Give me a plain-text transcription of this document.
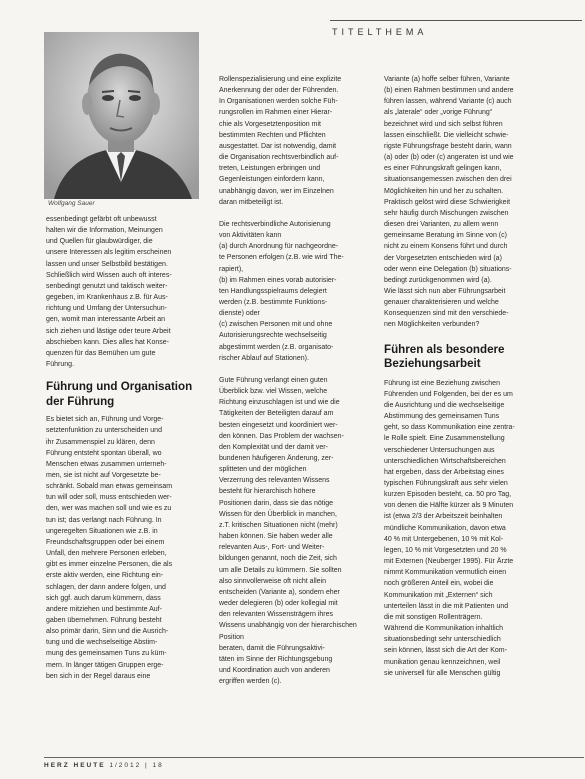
TITELTHEMA
Wolfgang Sauer

essenbedingt gefärbt oft unbewusst
halten wir die Information, Meinungen
und Quellen für glaubwürdiger, die
unsere Interessen als legitim erscheinen
lassen und unser Selbstbild bestätigen.
Schließlich wird Wissen auch oft interes-
senbedingt genutzt und taktisch weiter-
gegeben, im Krankenhaus z.B. für Aus-
richtung und Umfang der Untersuchun-
gen, womit man interessante Arbeit an
sich ziehen und lästige oder teure Arbeit
abschieben kann. Dies alles hat Konse-
quenzen für das Bemühen um gute
Führung.

Führung und Organisation
der Führung

Es bietet sich an, Führung und Vorge-
setztenfunktion zu unterscheiden und
ihr Zusammenspiel zu klären, denn
Führung entsteht spontan überall, wo
Menschen etwas zusammen unterneh-
men, sie ist nicht auf Vorgesetzte be-
schränkt. Sobald man etwas gemeinsam
tun will oder soll, muss entschieden wer-
den, wer was machen soll und wie es zu
tun ist; das verlangt nach Führung. In
ungeregelten Situationen wie z.B. in
Freundschaftsgruppen oder bei einem
Unfall, den mehrere Personen erleben,
gibt es immer einzelne Personen, die als
erste aktiv werden, eine Richtung ein-
schlagen, der dann andere folgen, und
sich ggf. auch darum kümmern, dass
andere mitziehen und bestimmte Auf-
gaben übernehmen. Führung besteht
also primär darin, Sinn und die Ausrich-
tung und die wechselseitige Abstim-
mung des gemeinsamen Tuns zu küm-
mern. In länger tätigen Gruppen erge-
ben sich in der Regel daraus eine

Rollenspezialisierung und eine explizite
Anerkennung der oder der Führenden.
In Organisationen werden solche Füh-
rungsrollen im Rahmen einer Hierar-
chie als Vorgesetztenposition mit
bestimmten Rechten und Pflichten
ausgestattet. Dar ist notwendig, damit
die Organisation rechtsverbindlich auf-
treten, Leistungen erbringen und
Gegenleistungen einfordern kann,
unabhängig davon, wer im Einzelnen
daran mitbeteiligt ist.

Die rechtsverbindliche Autorisierung
von Aktivitäten kann
(a) durch Anordnung für nachgeordne-
te Personen erfolgen (z.B. wie wird The-
rapiert),
(b) im Rahmen eines vorab autorisier-
ten Handlungsspielraums delegiert
werden (z.B. bestimmte Funktions-
dienste) oder
(c) zwischen Personen mit und ohne
Autorisierungsrechte wechselseitig
abgestimmt werden (z.B. organisato-
rischer Ablauf auf Stationen).

Gute Führung verlangt einen guten
Überblick bzw. viel Wissen, welche
Richtung einzuschlagen ist und wie die
Tätigkeiten der Beteiligten darauf am
besten eingesetzt und koordiniert wer-
den können. Das Problem der wachsen-
den Komplexität und der damit ver-
bundenen häufigeren Änderung, zer-
splitteten und der möglichen
Verzerrung des relevanten Wissens
besteht für hierarchisch höhere
Positionen darin, dass sie das nötige
Wissen für den Überblick in manchen,
z.T. kritischen Situationen nicht (mehr)
haben können. Sie haben weder alle
relevanten Aus-, Fort- und Weiter-
bildungen genannt, noch die Zeit, sich
um alle Details zu kümmern. Sie sollten
also sinnvollerweise oft nicht allein
entscheiden (Variante a), sondern eher
weder delegieren (b) oder kollegial mit
den relevanten Wissensträgern ihres
Wissens unabhängig von der hierarchischen Position
beraten, damit die Führungsaktivi-
täten im Sinne der Richtungsgebung
und Koordination auch von anderen
ergriffen werden (c).

Variante (a) hoffe selber führen, Variante
(b) einen Rahmen bestimmen und andere
führen lassen, während Variante (c) auch
als „laterale“ oder „vorige Führung“
bezeichnet wird und sich selbst führen
lassen einschließt. Die vielleicht schwie-
rigste Führungsfrage besteht darin, wann
(a) oder (b) oder (c) angeraten ist und wie
es einer Führungskraft gelingen kann,
situationsangemessen zwischen den drei
Möglichkeiten hin und her zu schalten.
Praktisch gelöst wird diese Schwierigkeit
sehr häufig durch Mischungen zwischen
diesen drei Varianten, zu allem wenn
gemeinsame Beratung im Sinne von (c)
nicht zu einem Konsens führt und durch
der Vorgesetzten entschieden wird (a)
oder wenn eine Delegation (b) situations-
bedingt zurückgenommen wird (a).
Wie lässt sich nun aber Führungsarbeit
genauer charakterisieren und welche
Konsequenzen sind mit den verschiede-
nen Möglichkeiten verbunden?

Führen als besondere
Beziehungsarbeit

Führung ist eine Beziehung zwischen
Führenden und Folgenden, bei der es um
die Ausrichtung und die wechselseitige
Abstimmung des gemeinsamen Tuns
geht, so dass Kommunikation eine zentra-
le Rolle spielt. Eine Zusammenstellung
verschiedener Untersuchungen aus
unterschiedlichen Wirtschaftsbereichen
hat ergeben, dass der Arbeitstag eines
typischen Führungskraft aus sehr vielen
kurzen Episoden besteht, ca. 50 pro Tag,
von denen die Hälfte kürzer als 9 Minuten
ist (etwa 2/3 der Arbeitszeit beinhalten
mündliche Kommunikation, davon etwa
40 % mit Untergebenen, 10 % mit Kol-
legen, 10 % mit Vorgesetzten und 20 %
mit Externen (Neuberger 1995). Für Ärzte
nimmt Kommunikation vermutlich einen
noch größeren Anteil ein, wobei die
Kommunikation mit „Externen“ sich
unterteilen lässt in die mit Patienten und
die mit sonstigen Rollenträgern.
Während die Kommunikation inhaltlich
situationsbedingt sehr unterschiedlich
sein können, lässt sich die Art der Kom-
munikation genau kennzeichnen, weil
sie universell für alle Menschen gültig

HERZ HEUTE 1/2012 | 18
